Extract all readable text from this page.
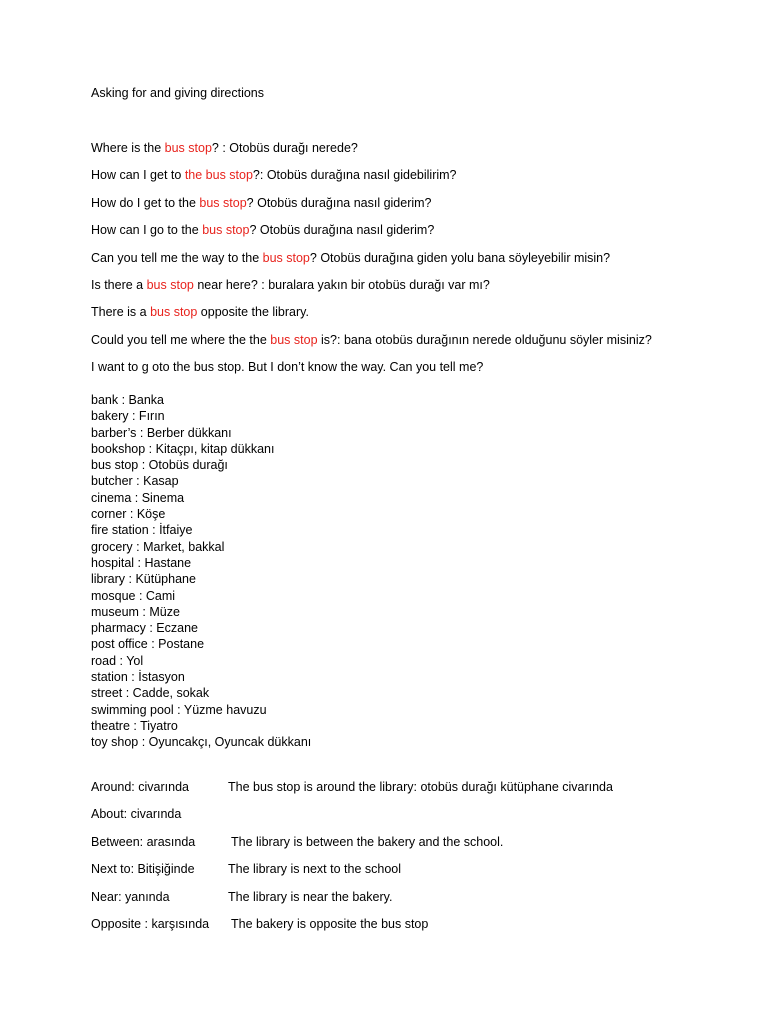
Asking for and giving directions
Where is the bus stop? : Otobüs durağı nerede?
How can I get to the bus stop?: Otobüs durağına nasıl gidebilirim?
How do I get to the bus stop? Otobüs durağına nasıl giderim?
How can I go to the bus stop? Otobüs durağına nasıl giderim?
Can you tell me the way to the bus stop? Otobüs durağına giden yolu bana söyleyebilir misin?
Is there a bus stop near here? : buralara yakın bir otobüs durağı var mı?
There is a bus stop opposite the library.
Could you tell me where the the bus stop is?: bana otobüs durağının nerede olduğunu söyler misiniz?
I want to g oto the bus stop. But I don’t know the way. Can you tell me?
bank : Banka
bakery : Fırın
barber’s : Berber dükkanı
bookshop : Kitaçpı, kitap dükkanı
bus stop : Otobüs durağı
butcher : Kasap
cinema : Sinema
corner : Köşe
fire station : İtfaiye
grocery : Market, bakkal
hospital : Hastane
library : Kütüphane
mosque : Cami
museum : Müze
pharmacy : Eczane
post office : Postane
road : Yol
station : İstasyon
street : Cadde, sokak
swimming pool : Yüzme havuzu
theatre : Tiyatro
toy shop : Oyuncakçı, Oyuncak dükkanı
Around: civarında	The bus stop is around the library: otobüs durağı kütüphane civarında
About: civarında
Between: arasında	The library is between the bakery and the school.
Next to: Bitişiğinde	The library is next to the school
Near: yanında	The library is near the bakery.
Opposite : karşısında The bakery is opposite the bus stop
